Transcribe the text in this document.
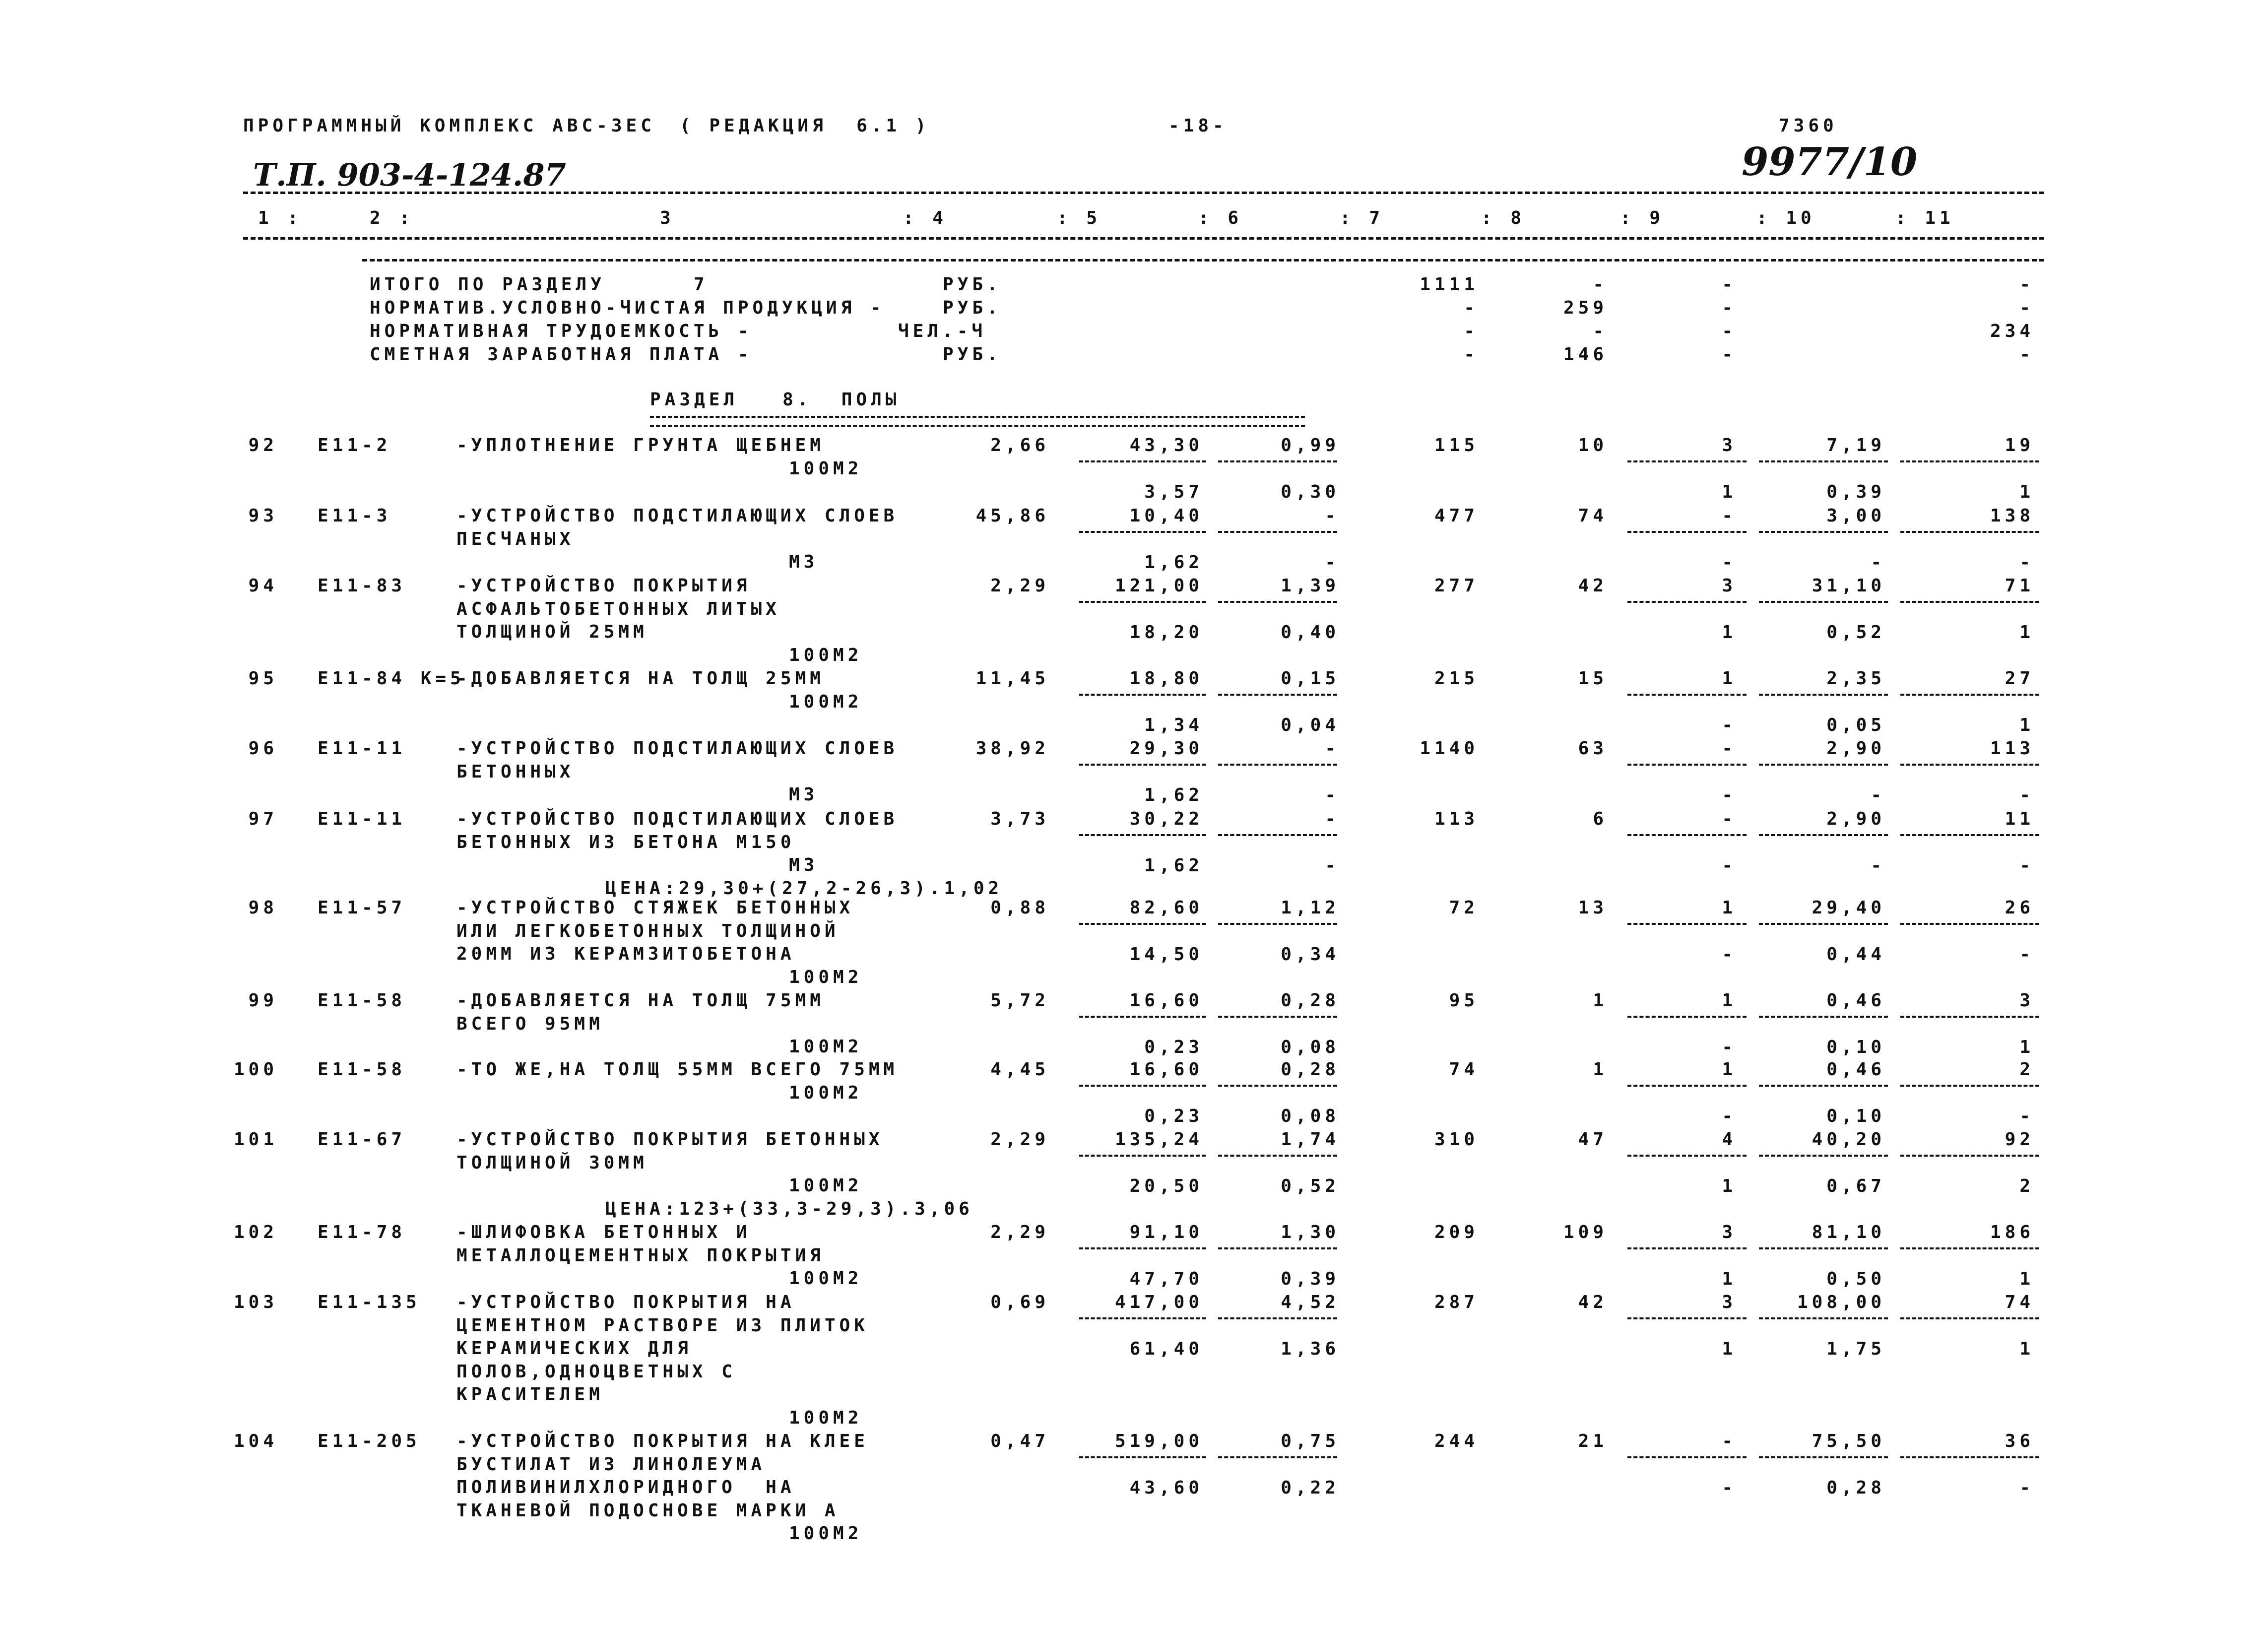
ПРОГРАММНЫЙ КОМПЛЕКС АВС-3ЕС ( РЕДАКЦИЯ  6.1 )	-18-	7360
Т.П. 903-4-124.87	9977/10
1 :	2 :	3	: 4	: 5	: 6	: 7	: 8	: 9	: 10	: 11
ИТОГО ПО РАЗДЕЛУ      7	РУБ.	1111	-	-	-
НОРМАТИВ.УСЛОВНО-ЧИСТАЯ ПРОДУКЦИЯ -	РУБ.	-	259	-	-
НОРМАТИВНАЯ ТРУДОЕМКОСТЬ -	ЧЕЛ.-Ч	-	-	-	234
СМЕТНАЯ ЗАРАБОТНАЯ ПЛАТА -	РУБ.	-	146	-	-
РАЗДЕЛ   8.  ПОЛЫ
92 Е11-2	-УПЛОТНЕНИЕ ГРУНТА ЩЕБНЕМ	2,66	43,30	0,99	115	10	3	7,19	19
3,57	0,30	1	0,39	1
100М2
93 Е11-3	-УСТРОЙСТВО ПОДСТИЛАЮЩИХ СЛОЕВ
ПЕСЧАНЫХ
45,86	10,40	-	477	74	-	3,00	138
1,62	-	-	-	-
М3
94 Е11-83	-УСТРОЙСТВО ПОКРЫТИЯ
АСФАЛЬТОБЕТОННЫХ ЛИТЫХ
ТОЛЩИНОЙ 25ММ
2,29	121,00	1,39	277	42	3	31,10	71
18,20	0,40	1	0,52	1
100М2
95 Е11-84 К=5
-ДОБАВЛЯЕТСЯ НА ТОЛЩ 25ММ	11,45	18,80	0,15	215	15	1	2,35	27
1,34	0,04	-	0,05	1
100М2
96 Е11-11	-УСТРОЙСТВО ПОДСТИЛАЮЩИХ СЛОЕВ
БЕТОННЫХ
38,92	29,30	-	1140	63	-	2,90	113
1,62	-	-	-	-
М3
97 Е11-11	-УСТРОЙСТВО ПОДСТИЛАЮЩИХ СЛОЕВ
БЕТОННЫХ ИЗ БЕТОНА М150
3,73	30,22	-	113	6	-	2,90	11
1,62	-	-	-	-
М3
ЦЕНА:29,30+(27,2-26,3).1,02
98 Е11-57	-УСТРОЙСТВО СТЯЖЕК БЕТОННЫХ
ИЛИ ЛЕГКОБЕТОННЫХ ТОЛЩИНОЙ
20ММ ИЗ КЕРАМЗИТОБЕТОНА
0,88	82,60	1,12	72	13	1	29,40	26
14,50	0,34	-	0,44	-
100М2
99 Е11-58	-ДОБАВЛЯЕТСЯ НА ТОЛЩ 75ММ
ВСЕГО 95ММ
5,72	16,60	0,28	95	1	1	0,46	3
0,23	0,08	-	0,10	1
100М2
100 Е11-58	-ТО ЖЕ,НА ТОЛЩ 55ММ ВСЕГО 75ММ	4,45	16,60	0,28	74	1	1	0,46	2
0,23	0,08	-	0,10	-
100М2
101 Е11-67	-УСТРОЙСТВО ПОКРЫТИЯ БЕТОННЫХ
ТОЛЩИНОЙ 30ММ
2,29	135,24	1,74	310	47	4	40,20	92
20,50	0,52	1	0,67	2
100М2
ЦЕНА:123+(33,3-29,3).3,06
102 Е11-78	-ШЛИФОВКА БЕТОННЫХ И
МЕТАЛЛОЦЕМЕНТНЫХ ПОКРЫТИЯ
2,29	91,10	1,30	209	109	3	81,10	186
47,70	0,39	1	0,50	1
100М2
103 Е11-135 -УСТРОЙСТВО ПОКРЫТИЯ НА
ЦЕМЕНТНОМ РАСТВОРЕ ИЗ ПЛИТОК
КЕРАМИЧЕСКИХ ДЛЯ
ПОЛОВ,ОДНОЦВЕТНЫХ С
КРАСИТЕЛЕМ
0,69	417,00	4,52	287	42	3	108,00	74
61,40	1,36	1	1,75	1
100М2
104 Е11-205 -УСТРОЙСТВО ПОКРЫТИЯ НА КЛЕЕ
БУСТИЛАТ ИЗ ЛИНОЛЕУМА
ПОЛИВИНИЛХЛОРИДНОГО  НА
ТКАНЕВОЙ ПОДОСНОВЕ МАРКИ А
0,47	519,00	0,75	244	21	-	75,50	36
43,60	0,22	-	0,28	-
100М2
